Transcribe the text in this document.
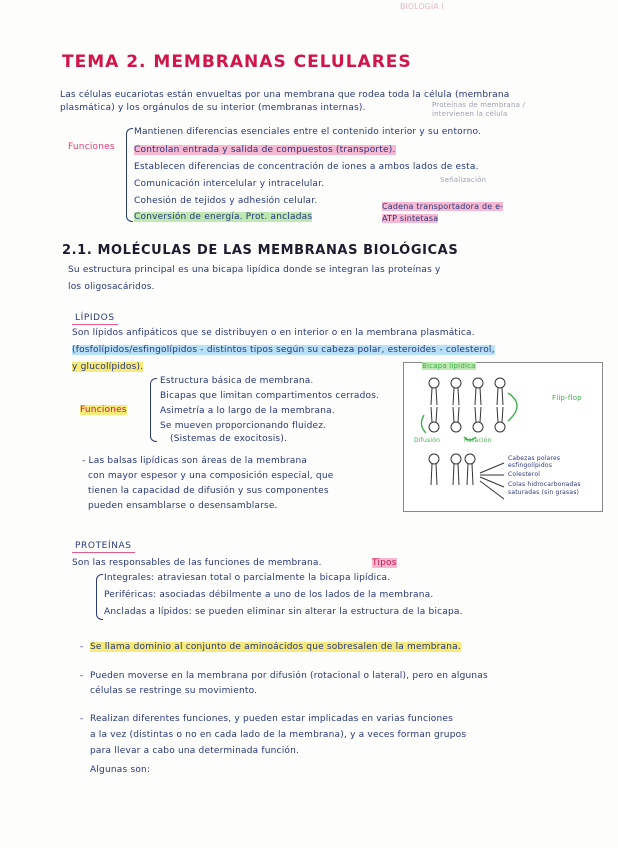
BIOLOGÍA I
TEMA 2. MEMBRANAS CELULARES
Las células eucariotas están envueltas por una membrana que rodea toda la célula (membrana
plasmática) y los orgánulos de su interior (membranas internas).	Proteínas de membrana / intervienen la célula
Funciones
Mantienen diferencias esenciales entre el contenido interior y su entorno.
Controlan entrada y salida de compuestos (transporte).
Establecen diferencias de concentración de iones a ambos lados de esta.
Comunicación intercelular y intracelular.	Señalización
Cohesión de tejidos y adhesión celular.
Conversión de energía. Prot. ancladas
Cadena transportadora de e-
ATP sintetasa
2.1. MOLÉCULAS DE LAS MEMBRANAS BIOLÓGICAS
Su estructura principal es una bicapa lipídica donde se integran las proteínas y
los oligosacáridos.
LÍPIDOS
Son lípidos anfipáticos que se distribuyen o en interior o en la membrana plasmática.
(fosfolípidos/esfingolípidos - distintos tipos según su cabeza polar, esteroides - colesterol,
y glucolípidos).
Funciones
Estructura básica de membrana.
Bicapas que limitan compartimentos cerrados.
Asimetría a lo largo de la membrana.
Se mueven proporcionando fluidez.
(Sistemas de exocitosis).
- Las balsas lipídicas son áreas de la membrana
con mayor espesor y una composición especial, que
tienen la capacidad de difusión y sus componentes
pueden ensamblarse o desensamblarse.
Bicapa lipídica
Flip-flop
Difusión	Rotación
Cabezas polares
esfingolípidos
Colesterol
Colas hidrocarbonadas
saturadas (sin grasas)
PROTEÍNAS
Son las responsables de las funciones de membrana.	Tipos
Integrales: atraviesan total o parcialmente la bicapa lipídica.
Periféricas: asociadas débilmente a uno de los lados de la membrana.
Ancladas a lípidos: se pueden eliminar sin alterar la estructura de la bicapa.
- Se llama dominio al conjunto de aminoácidos que sobresalen de la membrana.
- Pueden moverse en la membrana por difusión (rotacional o lateral), pero en algunas
células se restringe su movimiento.
- Realizan diferentes funciones, y pueden estar implicadas en varias funciones
a la vez (distintas o no en cada lado de la membrana), y a veces forman grupos
para llevar a cabo una determinada función.
Algunas son:
